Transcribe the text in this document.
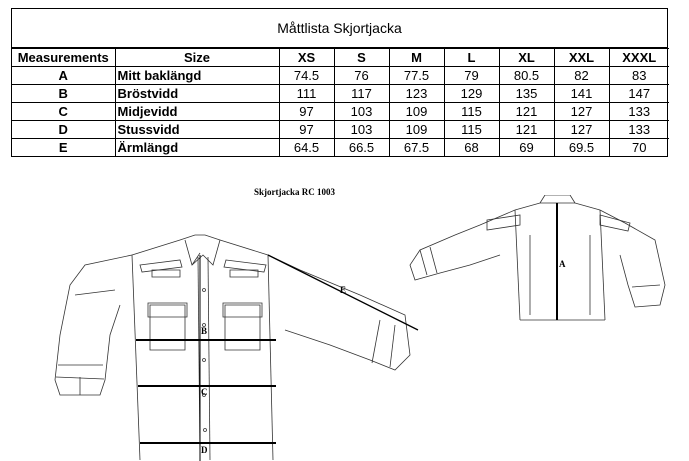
Måttlista Skjortjacka
Measurements	Size	XS	S	M	L	XL	XXL	XXXL
A	Mitt baklängd	74.5	76	77.5	79	80.5	82	83
B	Bröstvidd	111	117	123	129	135	141	147
C	Midjevidd	97	103	109	115	121	127	133
D	Stussvidd	97	103	109	115	121	127	133
E	Ärmlängd	64.5	66.5	67.5	68	69	69.5	70
Skjortjacka RC 1003
B
C
D
E
A
